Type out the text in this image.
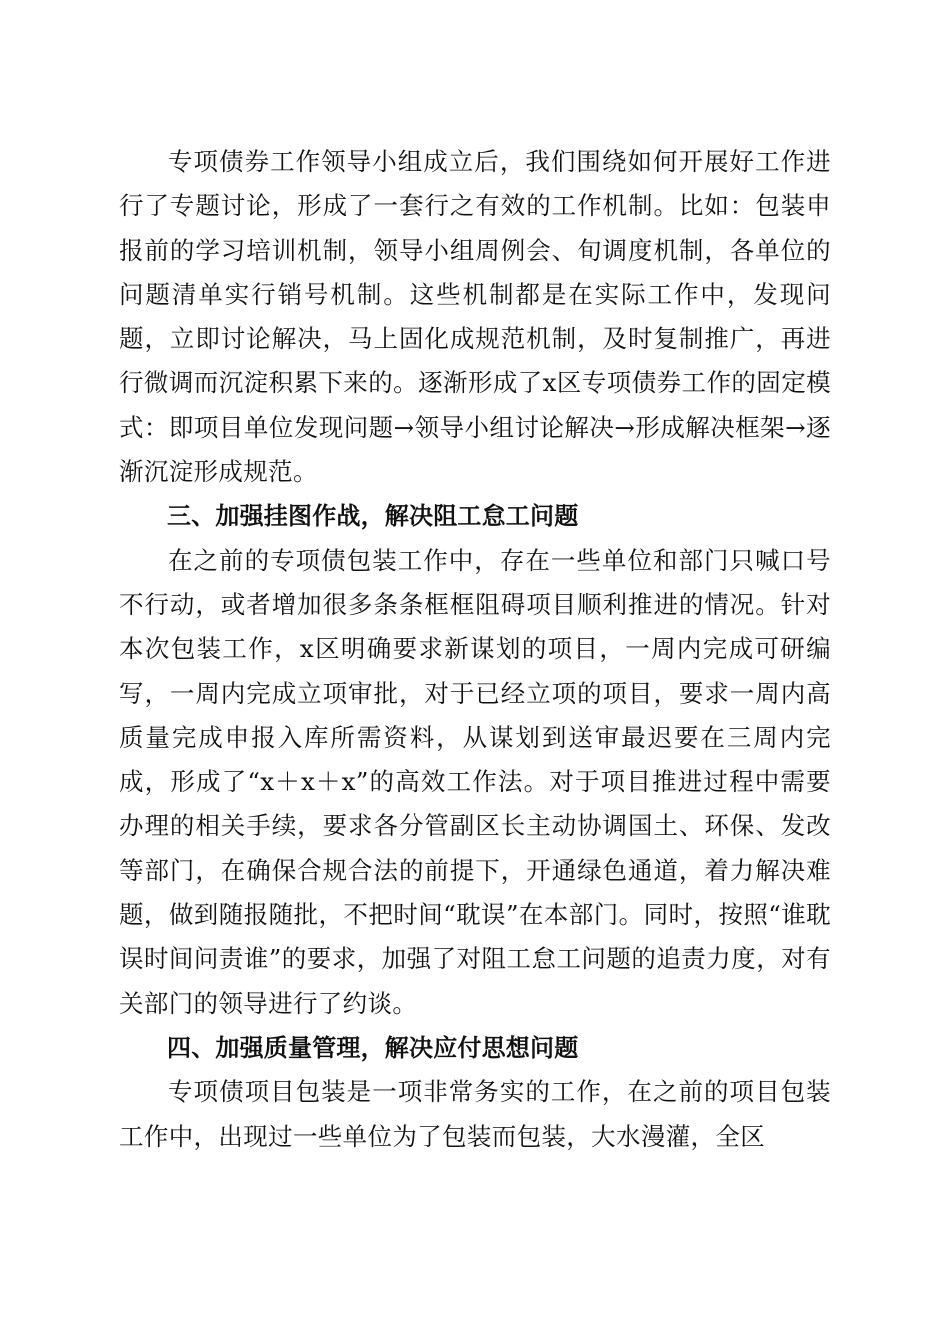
专项债券工作领导小组成立后，我们围绕如何开展好工作进行了专题讨论，形成了一套行之有效的工作机制。比如：包装申报前的学习培训机制，领导小组周例会、旬调度机制，各单位的问题清单实行销号机制。这些机制都是在实际工作中，发现问题，立即讨论解决，马上固化成规范机制，及时复制推广，再进行微调而沉淀积累下来的。逐渐形成了x区专项债券工作的固定模式：即项目单位发现问题→领导小组讨论解决→形成解决框架→逐渐沉淀形成规范。

三、加强挂图作战，解决阻工怠工问题

在之前的专项债包装工作中，存在一些单位和部门只喊口号不行动，或者增加很多条条框框阻碍项目顺利推进的情况。针对本次包装工作，x区明确要求新谋划的项目，一周内完成可研编写，一周内完成立项审批，对于已经立项的项目，要求一周内高质量完成申报入库所需资料，从谋划到送审最迟要在三周内完成，形成了“x＋x＋x”的高效工作法。对于项目推进过程中需要办理的相关手续，要求各分管副区长主动协调国土、环保、发改等部门，在确保合规合法的前提下，开通绿色通道，着力解决难题，做到随报随批，不把时间“耽误”在本部门。同时，按照“谁耽误时间问责谁”的要求，加强了对阻工怠工问题的追责力度，对有关部门的领导进行了约谈。

四、加强质量管理，解决应付思想问题

专项债项目包装是一项非常务实的工作，在之前的项目包装工作中，出现过一些单位为了包装而包装，大水漫灌，全区
